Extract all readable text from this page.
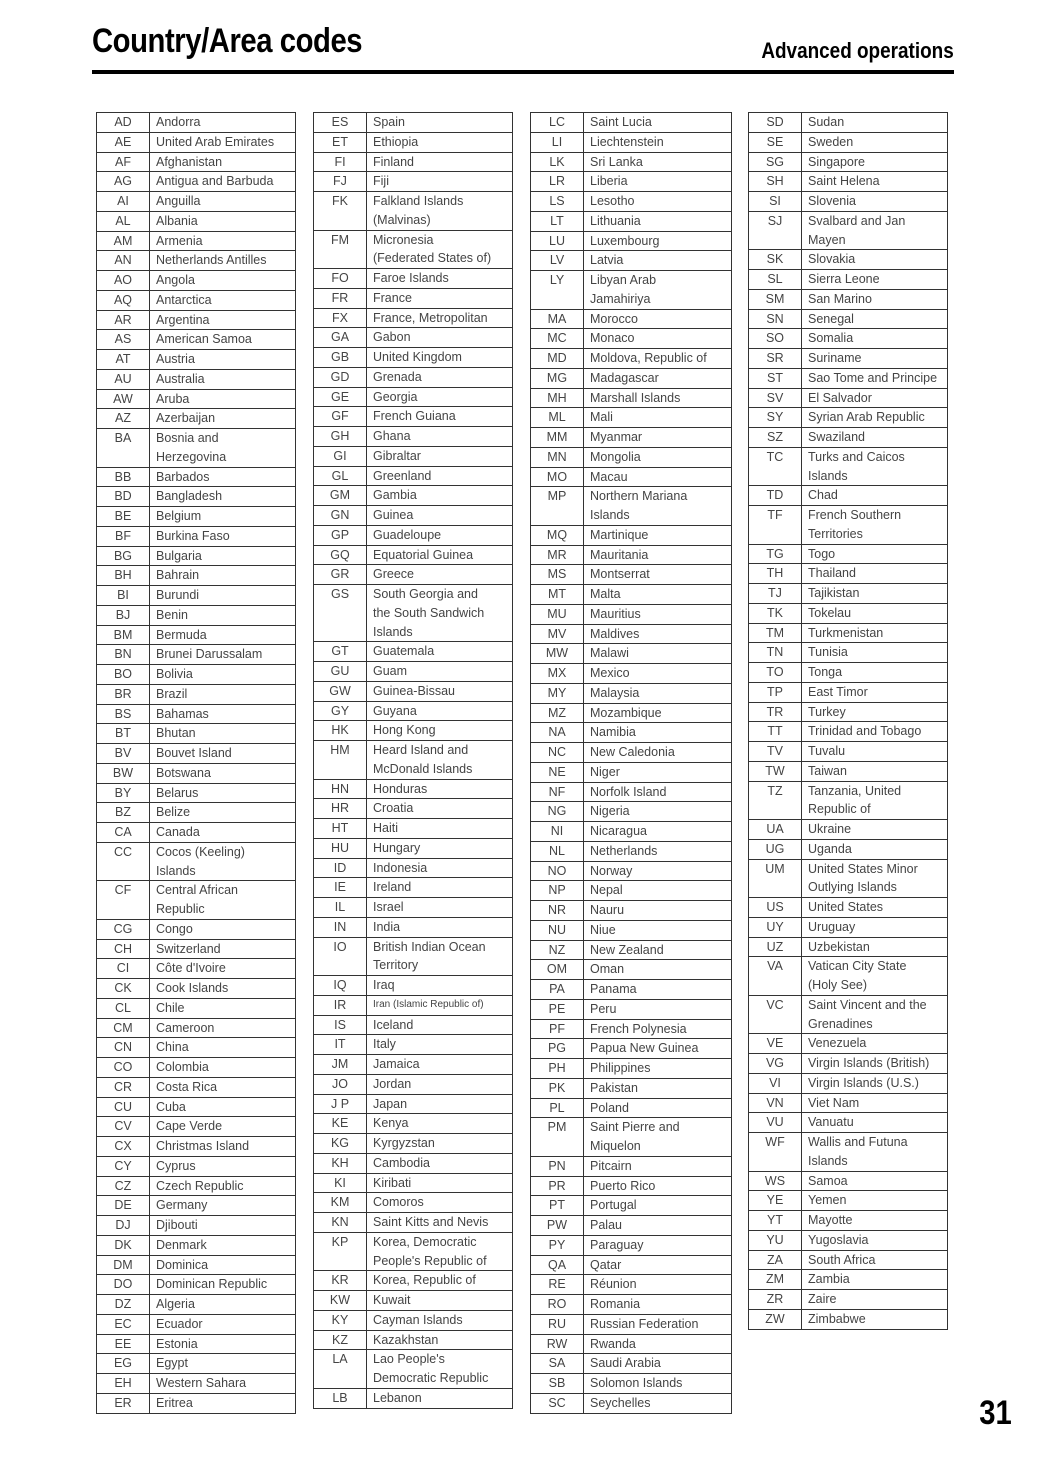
Country/Area codes	Advanced operations
AD	Andorra
AE	United Arab Emirates
AF	Afghanistan
AG	Antigua and Barbuda
AI	Anguilla
AL	Albania
AM	Armenia
AN	Netherlands Antilles
AO	Angola
AQ	Antarctica
AR	Argentina
AS	American Samoa
AT	Austria
AU	Australia
AW	Aruba
AZ	Azerbaijan
BA	Bosnia and
Herzegovina
BB	Barbados
BD	Bangladesh
BE	Belgium
BF	Burkina Faso
BG	Bulgaria
BH	Bahrain
BI	Burundi
BJ	Benin
BM	Bermuda
BN	Brunei Darussalam
BO	Bolivia
BR	Brazil
BS	Bahamas
BT	Bhutan
BV	Bouvet Island
BW	Botswana
BY	Belarus
BZ	Belize
CA	Canada
CC	Cocos (Keeling)
Islands
CF	Central African
Republic
CG	Congo
CH	Switzerland
CI	Côte d'Ivoire
CK	Cook Islands
CL	Chile
CM	Cameroon
CN	China
CO	Colombia
CR	Costa Rica
CU	Cuba
CV	Cape Verde
CX	Christmas Island
CY	Cyprus
CZ	Czech Republic
DE	Germany
DJ	Djibouti
DK	Denmark
DM	Dominica
DO	Dominican Republic
DZ	Algeria
EC	Ecuador
EE	Estonia
EG	Egypt
EH	Western Sahara
ER	Eritrea
ES	Spain
ET	Ethiopia
FI	Finland
FJ	Fiji
FK	Falkland Islands
(Malvinas)
FM	Micronesia
(Federated States of)
FO	Faroe Islands
FR	France
FX	France, Metropolitan
GA	Gabon
GB	United Kingdom
GD	Grenada
GE	Georgia
GF	French Guiana
GH	Ghana
GI	Gibraltar
GL	Greenland
GM	Gambia
GN	Guinea
GP	Guadeloupe
GQ	Equatorial Guinea
GR	Greece
GS	South Georgia and
the South Sandwich
Islands
GT	Guatemala
GU	Guam
GW	Guinea-Bissau
GY	Guyana
HK	Hong Kong
HM	Heard Island and
McDonald Islands
HN	Honduras
HR	Croatia
HT	Haiti
HU	Hungary
ID	Indonesia
IE	Ireland
IL	Israel
IN	India
IO	British Indian Ocean
Territory
IQ	Iraq
IR	Iran (Islamic Republic of)
IS	Iceland
IT	Italy
JM	Jamaica
JO	Jordan
J P	Japan
KE	Kenya
KG	Kyrgyzstan
KH	Cambodia
KI	Kiribati
KM	Comoros
KN	Saint Kitts and Nevis
KP	Korea, Democratic
People's Republic of
KR	Korea, Republic of
KW	Kuwait
KY	Cayman Islands
KZ	Kazakhstan
LA	Lao People's
Democratic Republic
LB	Lebanon
LC	Saint Lucia
LI	Liechtenstein
LK	Sri Lanka
LR	Liberia
LS	Lesotho
LT	Lithuania
LU	Luxembourg
LV	Latvia
LY	Libyan Arab
Jamahiriya
MA	Morocco
MC	Monaco
MD	Moldova, Republic of
MG	Madagascar
MH	Marshall Islands
ML	Mali
MM	Myanmar
MN	Mongolia
MO	Macau
MP	Northern Mariana
Islands
MQ	Martinique
MR	Mauritania
MS	Montserrat
MT	Malta
MU	Mauritius
MV	Maldives
MW	Malawi
MX	Mexico
MY	Malaysia
MZ	Mozambique
NA	Namibia
NC	New Caledonia
NE	Niger
NF	Norfolk Island
NG	Nigeria
NI	Nicaragua
NL	Netherlands
NO	Norway
NP	Nepal
NR	Nauru
NU	Niue
NZ	New Zealand
OM	Oman
PA	Panama
PE	Peru
PF	French Polynesia
PG	Papua New Guinea
PH	Philippines
PK	Pakistan
PL	Poland
PM	Saint Pierre and
Miquelon
PN	Pitcairn
PR	Puerto Rico
PT	Portugal
PW	Palau
PY	Paraguay
QA	Qatar
RE	Réunion
RO	Romania
RU	Russian Federation
RW	Rwanda
SA	Saudi Arabia
SB	Solomon Islands
SC	Seychelles
SD	Sudan
SE	Sweden
SG	Singapore
SH	Saint Helena
SI	Slovenia
SJ	Svalbard and Jan
Mayen
SK	Slovakia
SL	Sierra Leone
SM	San Marino
SN	Senegal
SO	Somalia
SR	Suriname
ST	Sao Tome and Principe
SV	El Salvador
SY	Syrian Arab Republic
SZ	Swaziland
TC	Turks and Caicos
Islands
TD	Chad
TF	French Southern
Territories
TG	Togo
TH	Thailand
TJ	Tajikistan
TK	Tokelau
TM	Turkmenistan
TN	Tunisia
TO	Tonga
TP	East Timor
TR	Turkey
TT	Trinidad and Tobago
TV	Tuvalu
TW	Taiwan
TZ	Tanzania, United
Republic of
UA	Ukraine
UG	Uganda
UM	United States Minor
Outlying Islands
US	United States
UY	Uruguay
UZ	Uzbekistan
VA	Vatican City State
(Holy See)
VC	Saint Vincent and the
Grenadines
VE	Venezuela
VG	Virgin Islands (British)
VI	Virgin Islands (U.S.)
VN	Viet Nam
VU	Vanuatu
WF	Wallis and Futuna
Islands
WS	Samoa
YE	Yemen
YT	Mayotte
YU	Yugoslavia
ZA	South Africa
ZM	Zambia
ZR	Zaire
ZW	Zimbabwe
31
